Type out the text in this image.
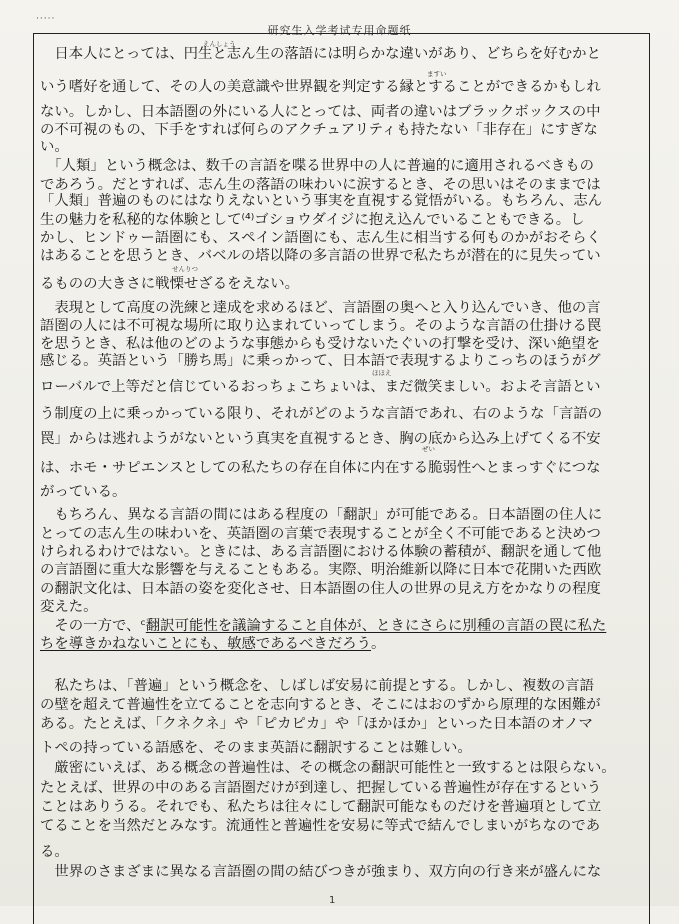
·····
研究生入学考试专用命题纸
えんしょう
ますい
せんりつ
ほほえ
ぜい
　日本人にとっては、円生と志ん生の落語には明らかな違いがあり、どちらを好むかと
いう嗜好を通して、その人の美意識や世界観を判定する縁とすることができるかもしれ
ない。しかし、日本語圏の外にいる人にとっては、両者の違いはブラックボックスの中
の不可視のもの、下手をすれば何らのアクチュアリティも持たない「非存在」にすぎな
い。
　「人類」という概念は、数千の言語を喋る世界中の人に普遍的に適用されるべきもの
であろう。だとすれば、志ん生の落語の味わいに涙するとき、その思いはそのままでは
「人類」普遍のものにはなりえないという事実を直視する覚悟がいる。もちろん、志ん
生の魅力を私秘的な体験として⁽⁴⁾ゴショウダイジに抱え込んでいることもできる。し
かし、ヒンドゥー語圏にも、スペイン語圏にも、志ん生に相当する何ものかがおそらく
はあることを思うとき、バベルの塔以降の多言語の世界で私たちが潜在的に見失ってい
るものの大きさに戦慄せざるをえない。
　表現として高度の洗練と達成を求めるほど、言語圏の奥へと入り込んでいき、他の言
語圏の人には不可視な場所に取り込まれていってしまう。そのような言語の仕掛ける罠
を思うとき、私は他のどのような事態からも受けないたぐいの打撃を受け、深い絶望を
感じる。英語という「勝ち馬」に乗っかって、日本語で表現するよりこっちのほうがグ
ローバルで上等だと信じているおっちょこちょいは、まだ微笑ましい。およそ言語とい
う制度の上に乗っかっている限り、それがどのような言語であれ、右のような「言語の
罠」からは逃れようがないという真実を直視するとき、胸の底から込み上げてくる不安
は、ホモ・サピエンスとしての私たちの存在自体に内在する脆弱性へとまっすぐにつな
がっている。
　もちろん、異なる言語の間にはある程度の「翻訳」が可能である。日本語圏の住人に
とっての志ん生の味わいを、英語圏の言葉で表現することが全く不可能であると決めつ
けられるわけではない。ときには、ある言語圏における体験の蓄積が、翻訳を通して他
の言語圏に重大な影響を与えることもある。実際、明治維新以降に日本で花開いた西欧
の翻訳文化は、日本語の姿を変化させ、日本語圏の住人の世界の見え方をかなりの程度
変えた。
　その一方で、ᶜ翻訳可能性を議論すること自体が、ときにさらに別種の言語の罠に私た
ちを導きかねないことにも、敏感であるべきだろう。
　私たちは、「普遍」という概念を、しばしば安易に前提とする。しかし、複数の言語
の壁を超えて普遍性を立てることを志向するとき、そこにはおのずから原理的な困難が
ある。たとえば、「クネクネ」や「ピカピカ」や「ほかほか」といった日本語のオノマ
トペの持っている語感を、そのまま英語に翻訳することは難しい。
　厳密にいえば、ある概念の普遍性は、その概念の翻訳可能性と一致するとは限らない。
たとえば、世界の中のある言語圏だけが到達し、把握している普遍性が存在するという
ことはありうる。それでも、私たちは往々にして翻訳可能なものだけを普遍項として立
てることを当然だとみなす。流通性と普遍性を安易に等式で結んでしまいがちなのであ
る。
　世界のさまざまに異なる言語圏の間の結びつきが強まり、双方向の行き来が盛んにな
1
